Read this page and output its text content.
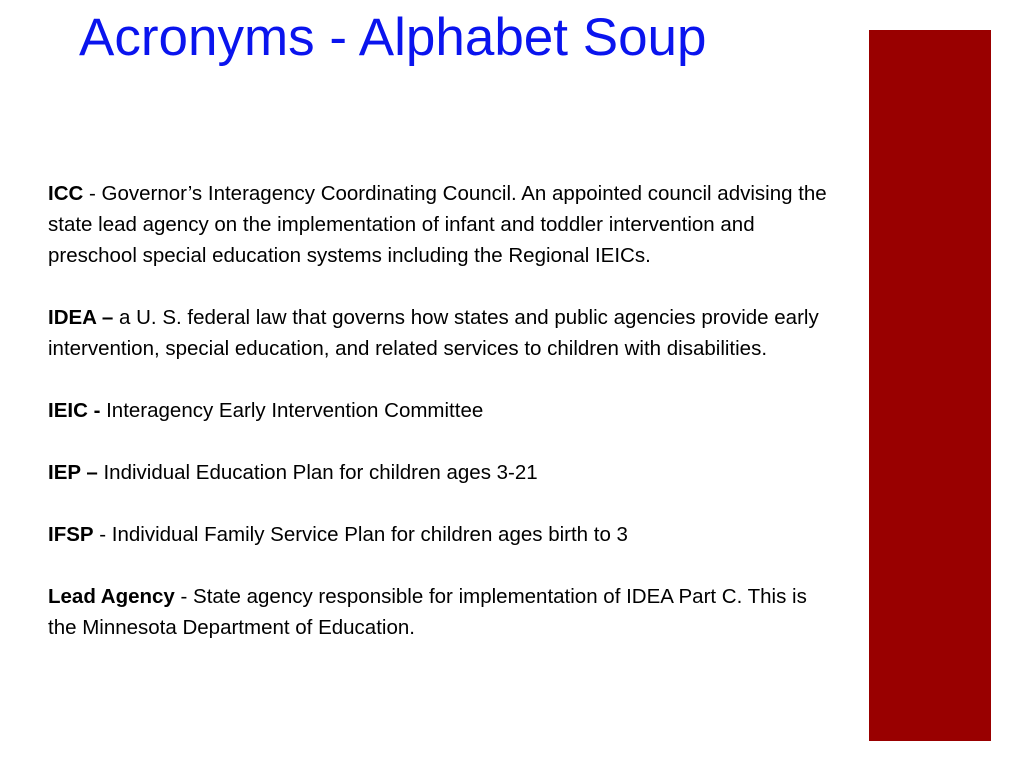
Acronyms - Alphabet Soup

ICC - Governor’s Interagency Coordinating Council. An appointed council advising the state lead agency on the implementation of infant and toddler intervention and preschool special education systems including the Regional IEICs.

IDEA – a U. S. federal law that governs how states and public agencies provide early intervention, special education, and related services to children with disabilities.

IEIC - Interagency Early Intervention Committee

IEP – Individual Education Plan for children ages 3-21

IFSP - Individual Family Service Plan for children ages birth to 3

Lead Agency - State agency responsible for implementation of IDEA Part C. This is the Minnesota Department of Education.
